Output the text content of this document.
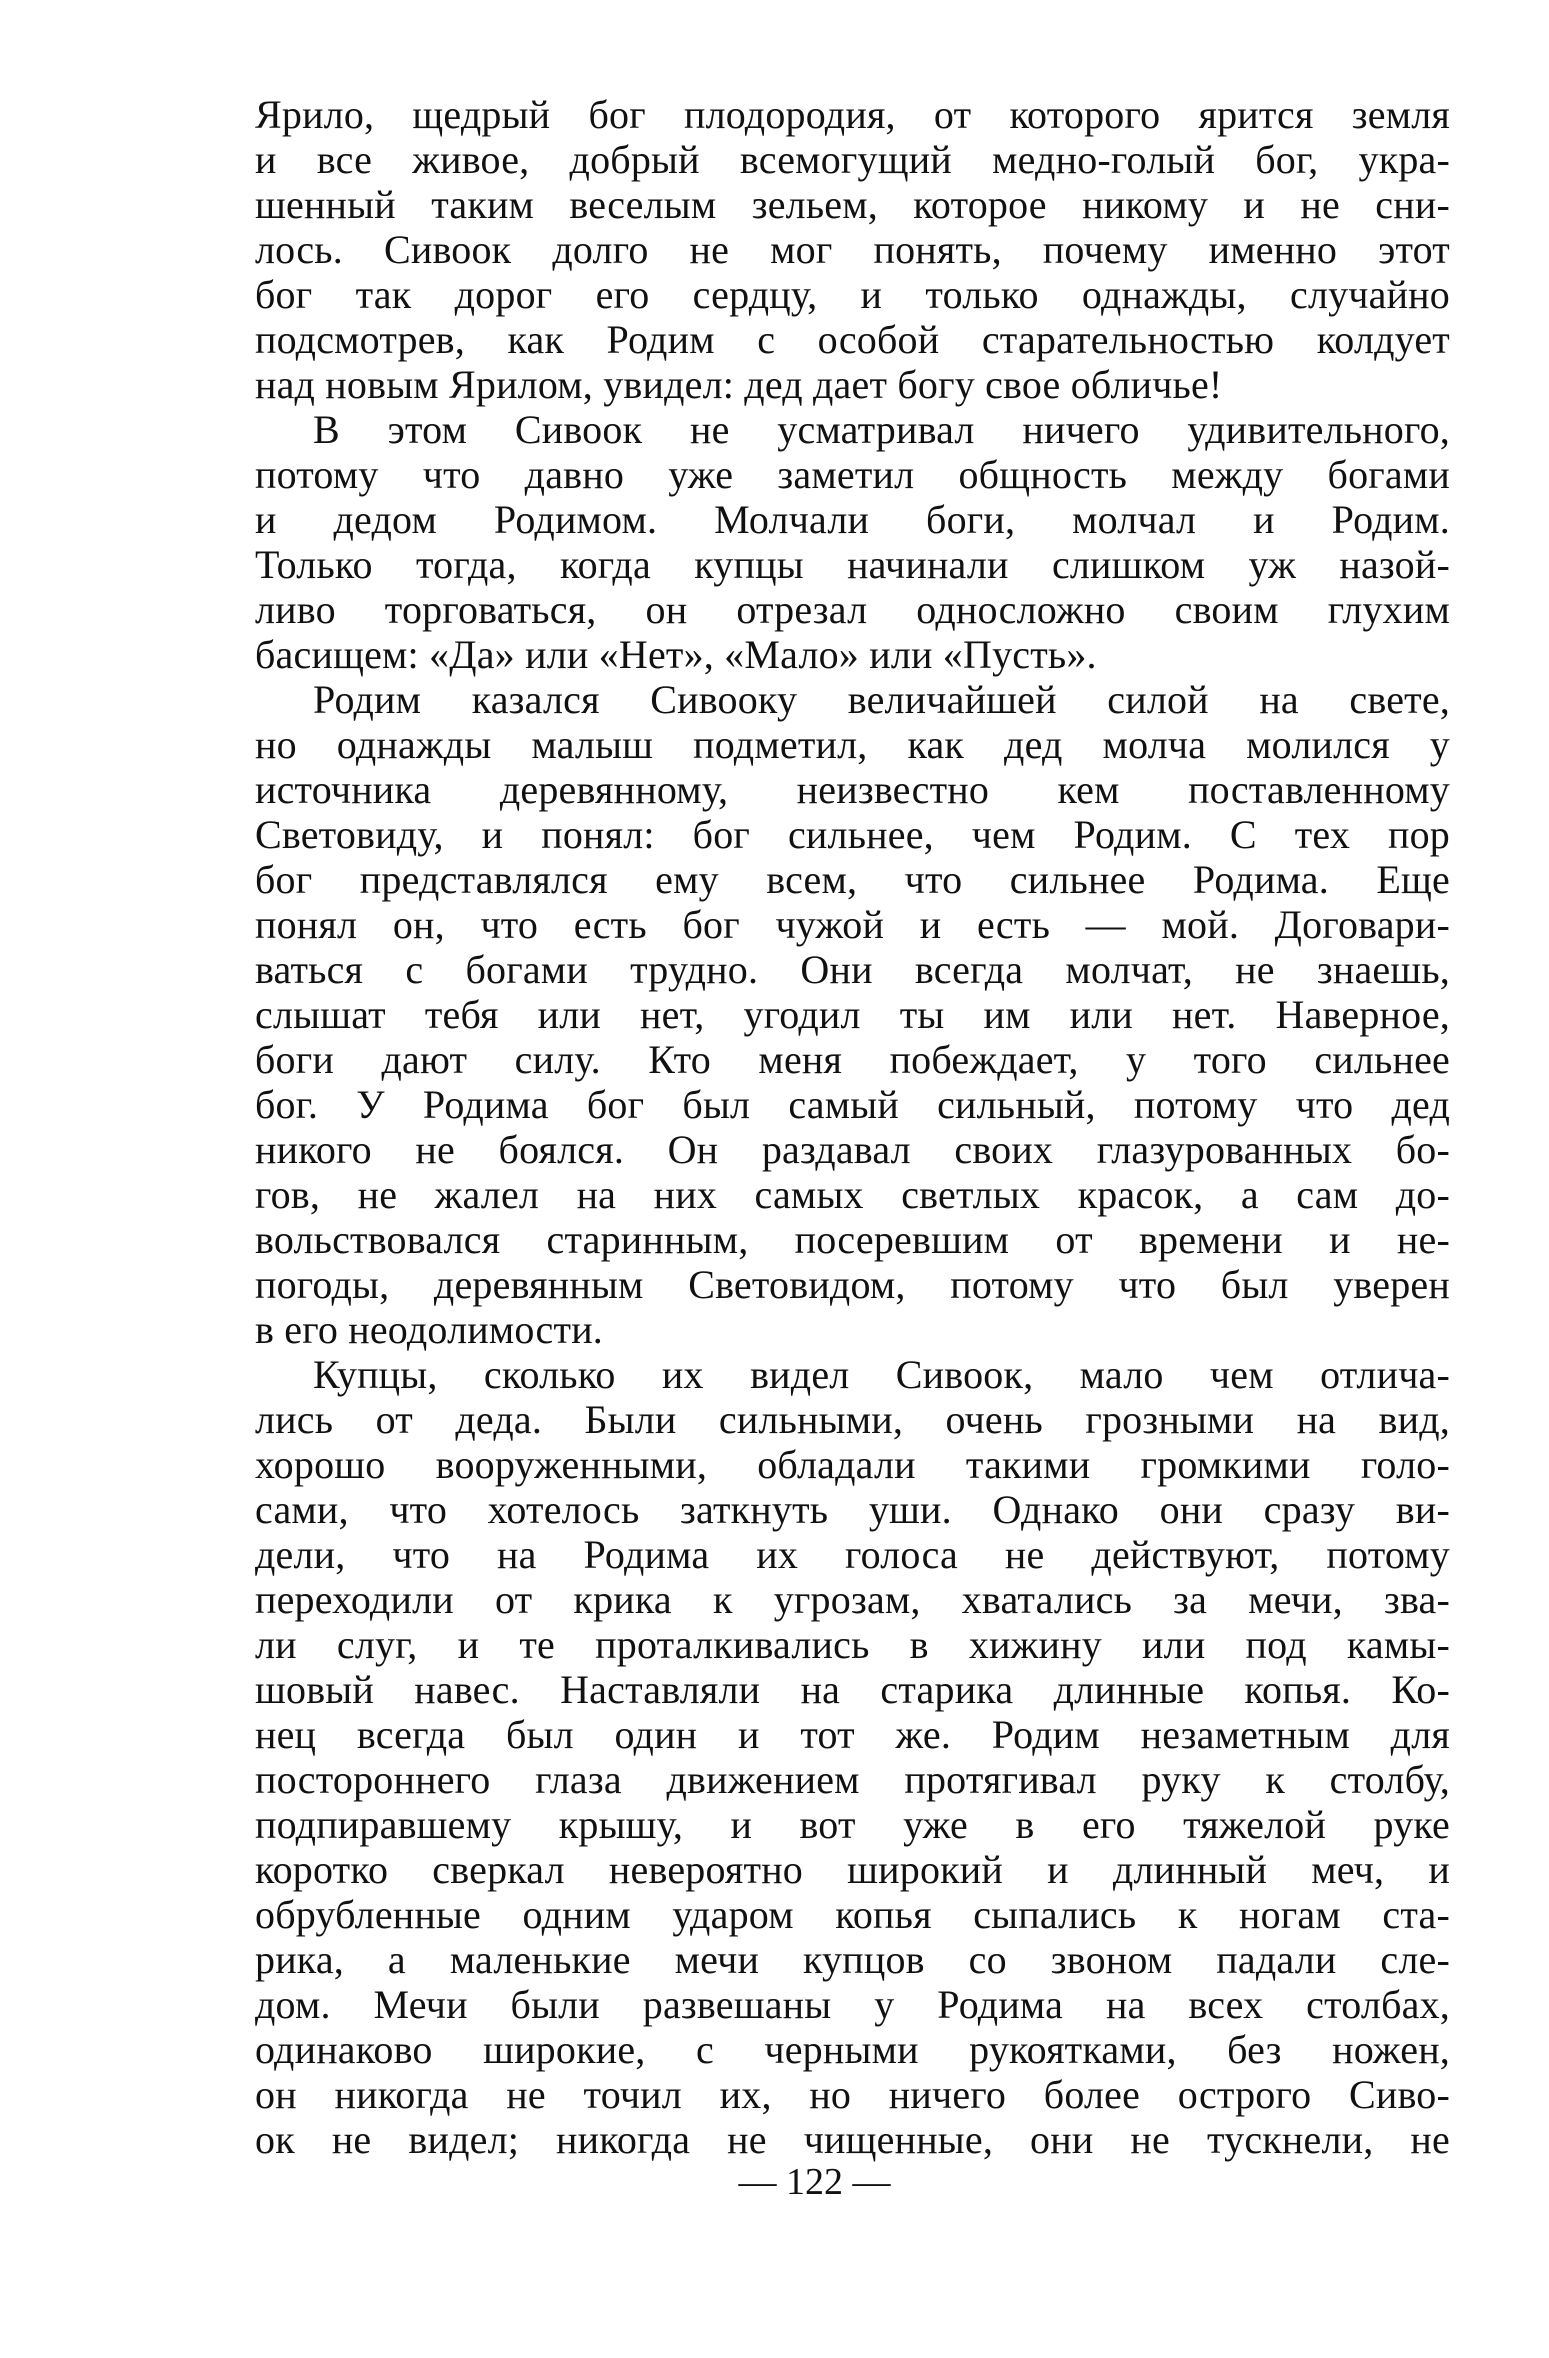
Ярило, щедрый бог плодородия, от которого ярится земля
и все живое, добрый всемогущий медно-голый бог, укра-
шенный таким веселым зельем, которое никому и не сни-
лось. Сивоок долго не мог понять, почему именно этот
бог так дорог его сердцу, и только однажды, случайно
подсмотрев, как Родим с особой старательностью колдует
над новым Ярилом, увидел: дед дает богу свое обличье!
В этом Сивоок не усматривал ничего удивительного,
потому что давно уже заметил общность между богами
и дедом Родимом. Молчали боги, молчал и Родим.
Только тогда, когда купцы начинали слишком уж назой-
ливо торговаться, он отрезал односложно своим глухим
басищем: «Да» или «Нет», «Мало» или «Пусть».
Родим казался Сивооку величайшей силой на свете,
но однажды малыш подметил, как дед молча молился у
источника деревянному, неизвестно кем поставленному
Световиду, и понял: бог сильнее, чем Родим. С тех пор
бог представлялся ему всем, что сильнее Родима. Еще
понял он, что есть бог чужой и есть — мой. Договари-
ваться с богами трудно. Они всегда молчат, не знаешь,
слышат тебя или нет, угодил ты им или нет. Наверное,
боги дают силу. Кто меня побеждает, у того сильнее
бог. У Родима бог был самый сильный, потому что дед
никого не боялся. Он раздавал своих глазурованных бо-
гов, не жалел на них самых светлых красок, а сам до-
вольствовался старинным, посеревшим от времени и не-
погоды, деревянным Световидом, потому что был уверен
в его неодолимости.
Купцы, сколько их видел Сивоок, мало чем отлича-
лись от деда. Были сильными, очень грозными на вид,
хорошо вооруженными, обладали такими громкими голо-
сами, что хотелось заткнуть уши. Однако они сразу ви-
дели, что на Родима их голоса не действуют, потому
переходили от крика к угрозам, хватались за мечи, зва-
ли слуг, и те проталкивались в хижину или под камы-
шовый навес. Наставляли на старика длинные копья. Ко-
нец всегда был один и тот же. Родим незаметным для
постороннего глаза движением протягивал руку к столбу,
подпиравшему крышу, и вот уже в его тяжелой руке
коротко сверкал невероятно широкий и длинный меч, и
обрубленные одним ударом копья сыпались к ногам ста-
рика, а маленькие мечи купцов со звоном падали сле-
дом. Мечи были развешаны у Родима на всех столбах,
одинаково широкие, с черными рукоятками, без ножен,
он никогда не точил их, но ничего более острого Сиво-
ок не видел; никогда не чищенные, они не тускнели, не
— 122 —
